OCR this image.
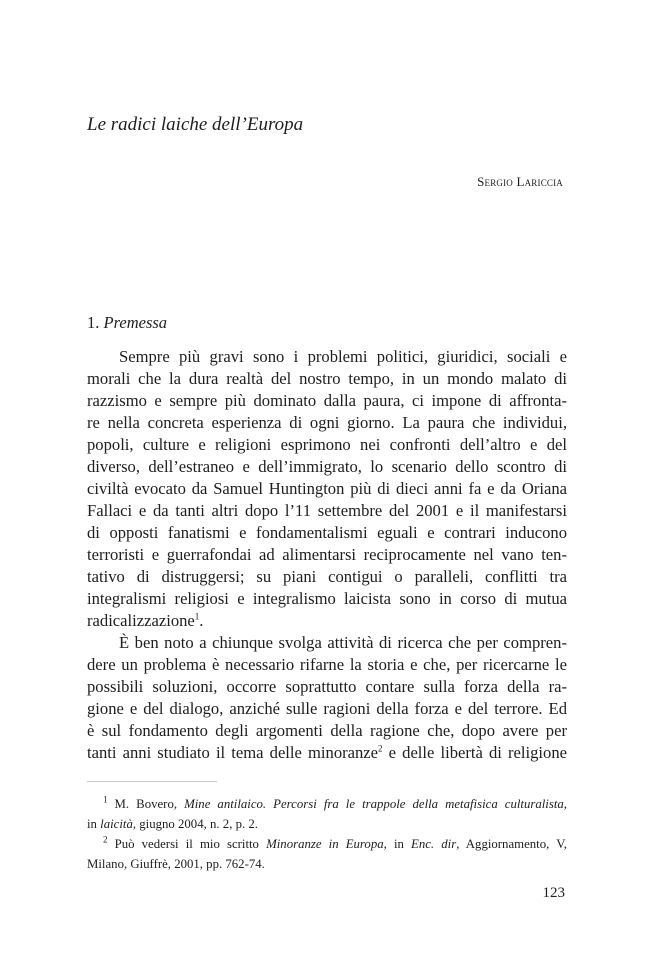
Le radici laiche dell’Europa
Sergio Lariccia
1. Premessa
Sempre più gravi sono i problemi politici, giuridici, sociali e
morali che la dura realtà del nostro tempo, in un mondo malato di
razzismo e sempre più dominato dalla paura, ci impone di affronta-
re nella concreta esperienza di ogni giorno. La paura che individui,
popoli, culture e religioni esprimono nei confronti dell’altro e del
diverso, dell’estraneo e dell’immigrato, lo scenario dello scontro di
civiltà evocato da Samuel Huntington più di dieci anni fa e da Oriana
Fallaci e da tanti altri dopo l’11 settembre del 2001 e il manifestarsi
di opposti fanatismi e fondamentalismi eguali e contrari inducono
terroristi e guerrafondai ad alimentarsi reciprocamente nel vano ten-
tativo di distruggersi; su piani contigui o paralleli, conflitti tra
integralismi religiosi e integralismo laicista sono in corso di mutua
radicalizzazione$^1$.
È ben noto a chiunque svolga attività di ricerca che per compren-
dere un problema è necessario rifarne la storia e che, per ricercarne le
possibili soluzioni, occorre soprattutto contare sulla forza della ra-
gione e del dialogo, anziché sulle ragioni della forza e del terrore. Ed
è sul fondamento degli argomenti della ragione che, dopo avere per
tanti anni studiato il tema delle minoranze$^2$ e delle libertà di religione
$^1$ M. Bovero, Mine antilaico. Percorsi fra le trappole della metafisica culturalista,
in laicità, giugno 2004, n. 2, p. 2.
$^2$ Può vedersi il mio scritto Minoranze in Europa, in Enc. dir, Aggiornamento, V,
Milano, Giuffrè, 2001, pp. 762-74.
123
